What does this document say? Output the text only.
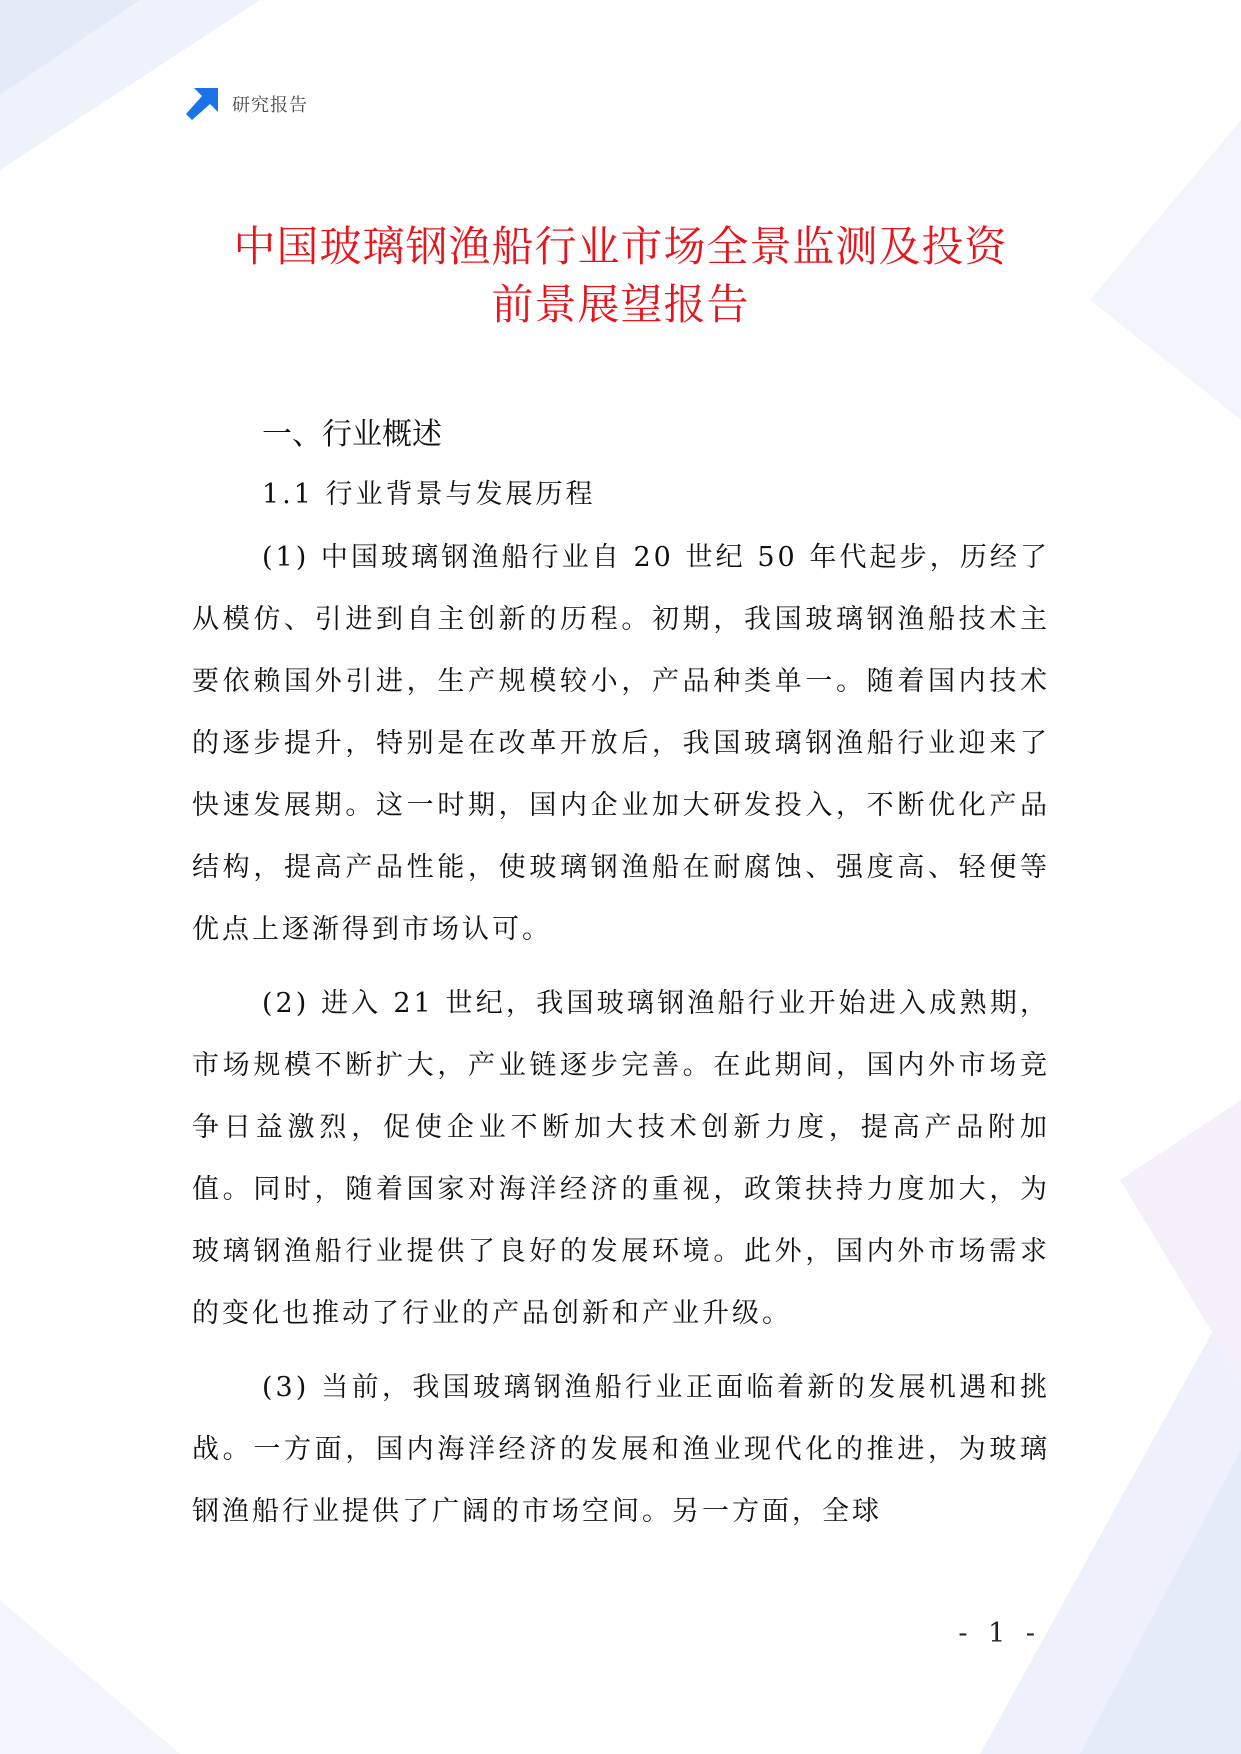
研究报告
中国玻璃钢渔船行业市场全景监测及投资
前景展望报告
一、行业概述
1.1 行业背景与发展历程

(1) 中国玻璃钢渔船行业自 20 世纪 50 年代起步，历经了从模仿、引进到自主创新的历程。初期，我国玻璃钢渔船技术主要依赖国外引进，生产规模较小，产品种类单一。随着国内技术的逐步提升，特别是在改革开放后，我国玻璃钢渔船行业迎来了快速发展期。这一时期，国内企业加大研发投入，不断优化产品结构，提高产品性能，使玻璃钢渔船在耐腐蚀、强度高、轻便等优点上逐渐得到市场认可。

(2) 进入 21 世纪，我国玻璃钢渔船行业开始进入成熟期，市场规模不断扩大，产业链逐步完善。在此期间，国内外市场竞争日益激烈，促使企业不断加大技术创新力度，提高产品附加值。同时，随着国家对海洋经济的重视，政策扶持力度加大，为玻璃钢渔船行业提供了良好的发展环境。此外，国内外市场需求的变化也推动了行业的产品创新和产业升级。

(3) 当前，我国玻璃钢渔船行业正面临着新的发展机遇和挑战。一方面，国内海洋经济的发展和渔业现代化的推进，为玻璃钢渔船行业提供了广阔的市场空间。另一方面，全球

- 1 -
